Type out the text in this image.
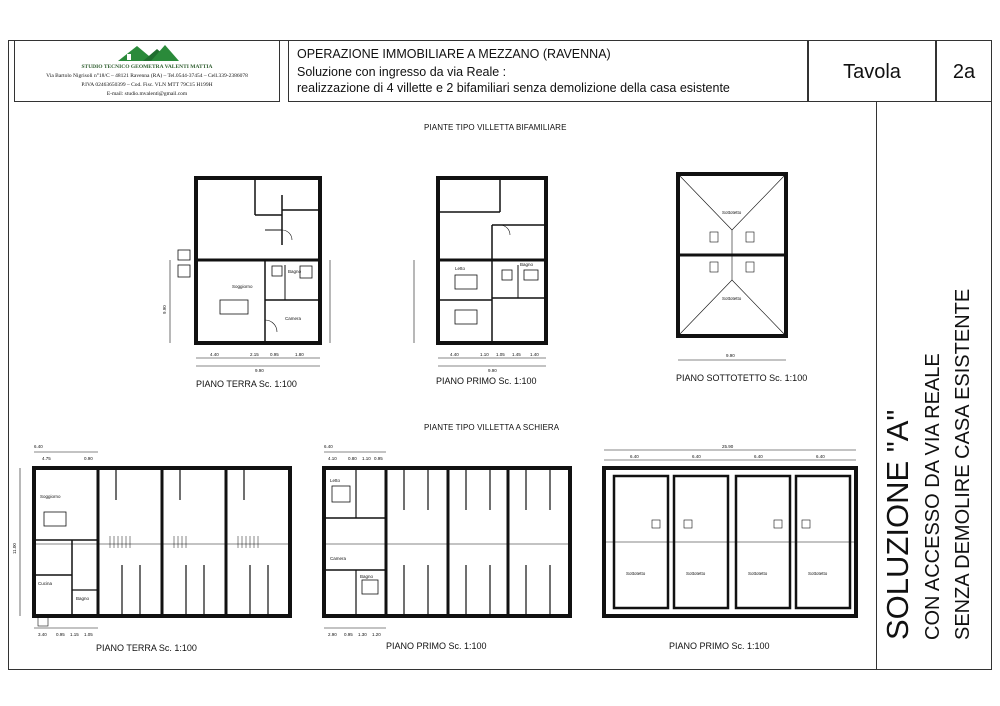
STUDIO TECNICO GEOMETRA VALENTI MATTIA
Via Bartolo Nigrisoli n°18/C – 48121 Ravenna (RA) – Tel.0544-37454 – Cell.339-2386078
P.IVA 02463650399 – Cod. Fisc. VLN MTT 79C15 H199H
E-mail: studio.mvalenti@gmail.com
OPERAZIONE IMMOBILIARE A MEZZANO (RAVENNA)
Soluzione con ingresso da via Reale :
realizzazione di 4 villette e 2 bifamiliari senza demolizione della casa esistente
Tavola	2a
SOLUZIONE "A" CON ACCESSO DA VIA REALE SENZA DEMOLIRE CASA ESISTENTE
PIANTE TIPO VILLETTA BIFAMILIARE
PIANTE TIPO VILLETTA A SCHIERA
Soggiorno
Camera
Bagno
4.40	2.15 0.95	1.80
9.90
9.90
PIANO TERRA Sc. 1:100
Letto
Bagno
4.40	1.10 1.05 1.45 1.40
9.90
PIANO PRIMO Sc. 1:100
Sottotetto
Sottotetto
9.90
PIANO SOTTOTETTO Sc. 1:100
Soggiorno
Cucina
Bagno
4.75	0.90
6.40
3.40 0.95 1.15 1.05
11.00
PIANO TERRA Sc. 1:100
Letto
Camera
Bagno
4.10 0.80 1.10 0.95
6.40
2.90 0.95 1.30 1.20
PIANO PRIMO Sc. 1:100
25.90
6.40	6.40	6.40	6.40
Sottotetto	Sottotetto	Sottotetto	Sottotetto
PIANO PRIMO Sc. 1:100
